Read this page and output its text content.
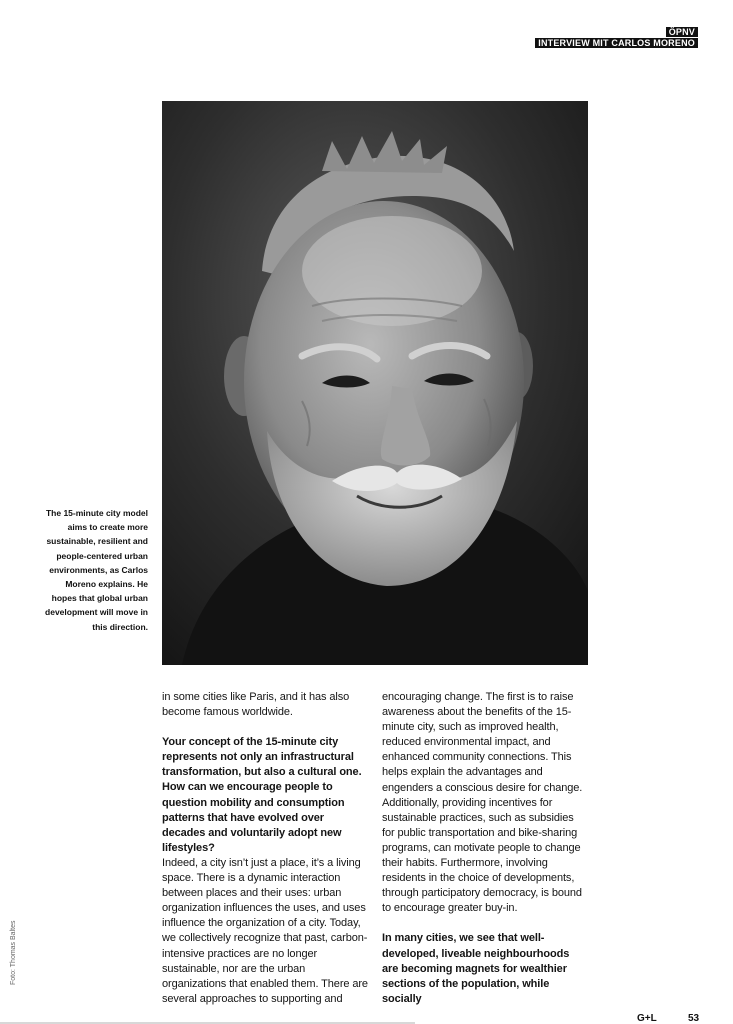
ÖPNV
INTERVIEW MIT CARLOS MORENO
The 15-minute city model aims to create more sustainable, resilient and people-centered urban environments, as Carlos Moreno explains. He hopes that global urban development will move in this direction.

in some cities like Paris, and it has also become famous worldwide.

Your concept of the 15-minute city represents not only an infrastructural transformation, but also a cultural one. How can we encourage people to question mobility and consumption patterns that have evolved over decades and voluntarily adopt new lifestyles?

Indeed, a city isn’t just a place, it’s a living space. There is a dynamic interaction between places and their uses: urban organization influences the uses, and uses influence the organization of a city. Today, we collectively recognize that past, carbon-intensive practices are no longer sustainable, nor are the urban organizations that enabled them. There are several approaches to supporting and

encouraging change. The first is to raise awareness about the benefits of the 15-minute city, such as improved health, reduced environmental impact, and enhanced community connections. This helps explain the advantages and engenders a conscious desire for change. Additionally, providing incentives for sustainable practices, such as subsidies for public transportation and bike-sharing programs, can motivate people to change their habits. Furthermore, involving residents in the choice of developments, through participatory democracy, is bound to encourage greater buy-in.

In many cities, we see that well-developed, liveable neighbourhoods are becoming magnets for wealthier sections of the population, while socially

Foto: Thomas Baltes
G+L	53
